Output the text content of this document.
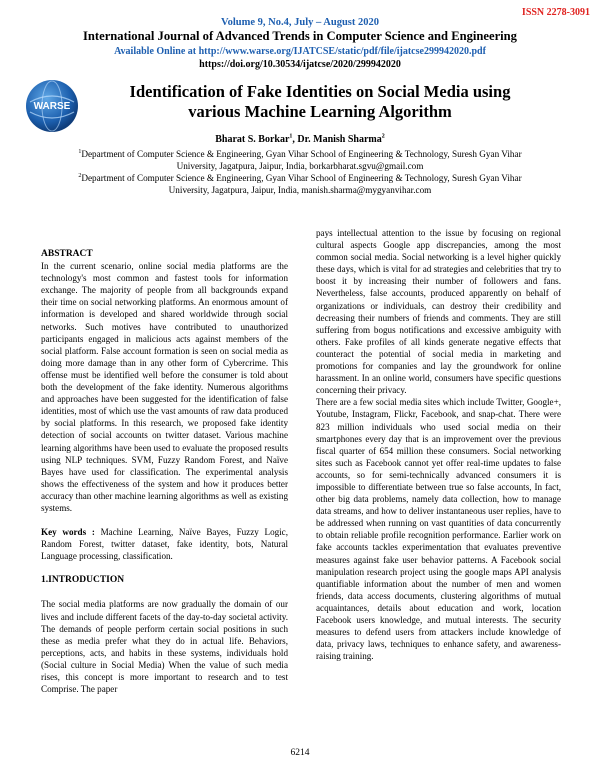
ISSN 2278-3091
Volume 9, No.4, July – August 2020
International Journal of Advanced Trends in Computer Science and Engineering
Available Online at http://www.warse.org/IJATCSE/static/pdf/file/ijatcse299942020.pdf
https://doi.org/10.30534/ijatcse/2020/299942020
WARSE
Identification of Fake Identities on Social Media using
various Machine Learning Algorithm
Bharat S. Borkar$^1$, Dr. Manish Sharma$^2$
$^1$Department of Computer Science & Engineering, Gyan Vihar School of Engineering & Technology, Suresh Gyan Vihar University, Jagatpura, Jaipur, India, borkarbharat.sgvu@gmail.com
$^2$Department of Computer Science & Engineering, Gyan Vihar School of Engineering & Technology, Suresh Gyan Vihar University, Jagatpura, Jaipur, India, manish.sharma@mygyanvihar.com

ABSTRACT

In the current scenario, online social media platforms are the technology's most common and fastest tools for information exchange. The majority of people from all backgrounds expand their time on social networking platforms. An enormous amount of information is developed and shared worldwide through social networks. Such motives have contributed to unauthorized participants engaged in malicious acts against members of the social platform. False account formation is seen on social media as doing more damage than in any other form of Cybercrime. This offense must be identified well before the consumer is told about both the development of the fake identity. Numerous algorithms and approaches have been suggested for the identification of false identities, most of which use the vast amounts of raw data produced by social platforms. In this research, we proposed fake identity detection of social accounts on twitter dataset. Various machine learning algorithms have been used to evaluate the proposed results using NLP techniques. SVM, Fuzzy Random Forest, and Naïve Bayes have used for classification. The experimental analysis shows the effectiveness of the system and how it produces better accuracy than other machine learning algorithms as well as existing systems.

Key words : Machine Learning, Naïve Bayes, Fuzzy Logic, Random Forest, twitter dataset, fake identity, bots, Natural Language processing, classification.

1.INTRODUCTION

The social media platforms are now gradually the domain of our lives and include different facets of the day-to-day societal activity. The demands of people perform certain social positions in such these as media prefer what they do in actual life. Behaviors, perceptions, acts, and habits in these systems, individuals hold (Social culture in Social Media) When the value of such media rises, this concept is more important to research and to test Comprise. The paper

pays intellectual attention to the issue by focusing on regional cultural aspects Google app discrepancies, among the most common social media. Social networking is a level higher quickly these days, which is vital for ad strategies and celebrities that try to boost it by increasing their number of followers and fans. Nevertheless, false accounts, produced apparently on behalf of organizations or individuals, can destroy their credibility and decreasing their numbers of friends and comments. They are still suffering from bogus notifications and excessive ambiguity with others. Fake profiles of all kinds generate negative effects that counteract the potential of social media in marketing and promotions for companies and lay the groundwork for online harassment. In an online world, consumers have specific questions concerning their privacy.

There are a few social media sites which include Twitter, Google+, Youtube, Instagram, Flickr, Facebook, and snap-chat. There were 823 million individuals who used social media on their smartphones every day that is an improvement over the previous fiscal quarter of 654 million these consumers. Social networking sites such as Facebook cannot yet offer real-time updates to false accounts, so for semi-technically advanced consumers it is impossible to differentiate between true so false accounts, In fact, other big data problems, namely data collection, how to manage data streams, and how to deliver instantaneous user replies, have to be addressed when running on vast quantities of data concurrently to obtain reliable profile recognition performance. Earlier work on fake accounts tackles experimentation that evaluates preventive measures against fake user behavior patterns. A Facebook social manipulation research project using the google maps API analysis quantifiable information about the number of men and women friends, data access documents, clustering algorithms of mutual acquaintances, details about education and work, location Facebook users knowledge, and mutual interests. The security measures to defend users from attackers include knowledge of data, privacy laws, techniques to enhance safety, and awareness-raising training.

6214
